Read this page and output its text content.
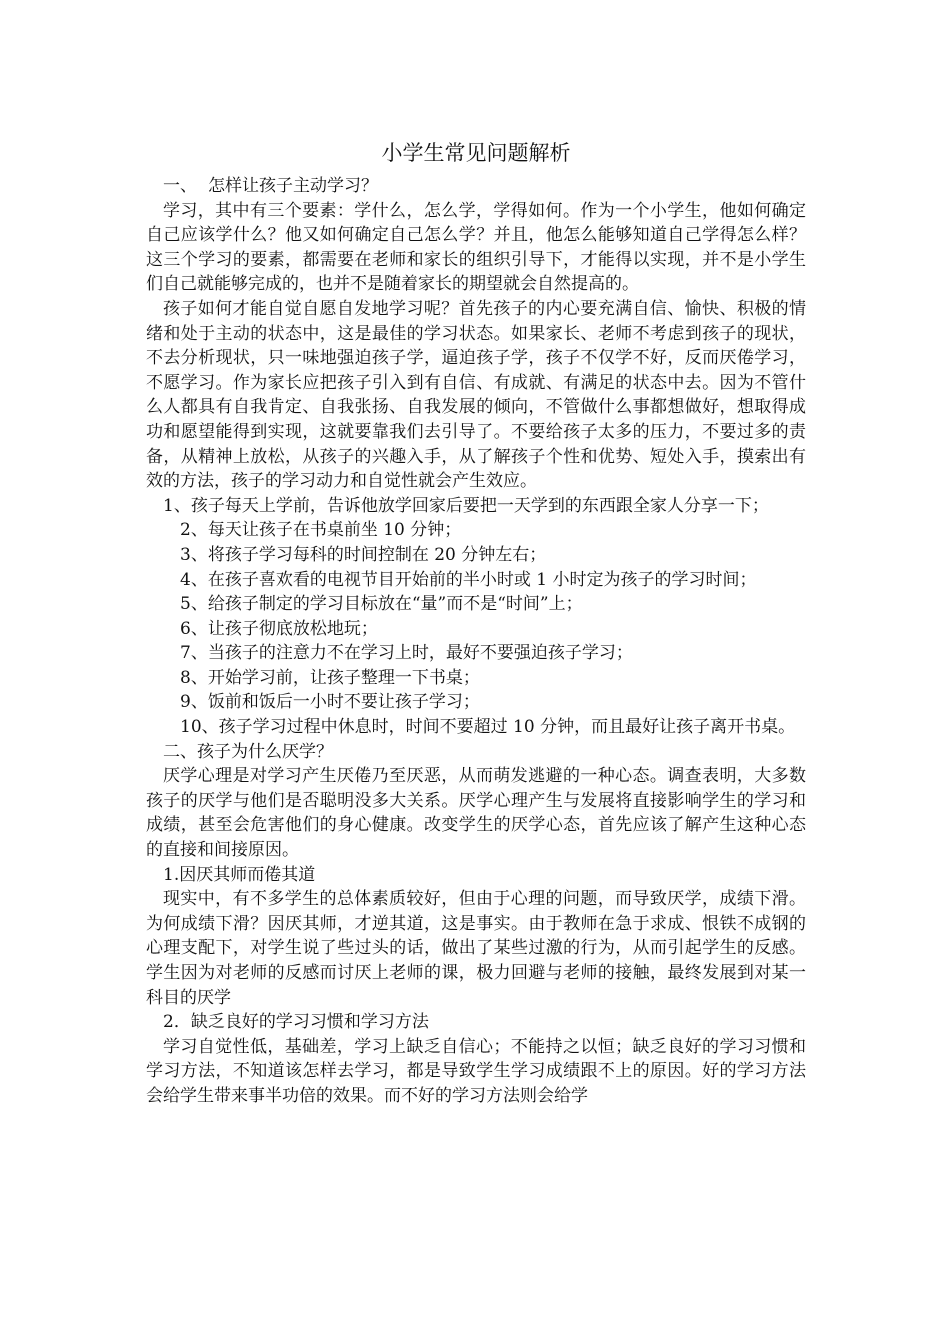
小学生常见问题解析

一、 怎样让孩子主动学习？

学习，其中有三个要素：学什么，怎么学，学得如何。作为一个小学生，他如何确定自己应该学什么？他又如何确定自己怎么学？并且，他怎么能够知道自己学得怎么样？这三个学习的要素，都需要在老师和家长的组织引导下，才能得以实现，并不是小学生们自己就能够完成的，也并不是随着家长的期望就会自然提高的。

孩子如何才能自觉自愿自发地学习呢？首先孩子的内心要充满自信、愉快、积极的情绪和处于主动的状态中，这是最佳的学习状态。如果家长、老师不考虑到孩子的现状，不去分析现状，只一味地强迫孩子学，逼迫孩子学，孩子不仅学不好，反而厌倦学习，不愿学习。作为家长应把孩子引入到有自信、有成就、有满足的状态中去。因为不管什么人都具有自我肯定、自我张扬、自我发展的倾向，不管做什么事都想做好，想取得成功和愿望能得到实现，这就要靠我们去引导了。不要给孩子太多的压力，不要过多的责备，从精神上放松，从孩子的兴趣入手，从了解孩子个性和优势、短处入手，摸索出有效的方法，孩子的学习动力和自觉性就会产生效应。

1、孩子每天上学前，告诉他放学回家后要把一天学到的东西跟全家人分享一下；

2、每天让孩子在书桌前坐 10 分钟；

3、将孩子学习每科的时间控制在 20 分钟左右；

4、在孩子喜欢看的电视节目开始前的半小时或 1 小时定为孩子的学习时间；

5、给孩子制定的学习目标放在“量”而不是“时间”上；

6、让孩子彻底放松地玩；

7、当孩子的注意力不在学习上时，最好不要强迫孩子学习；

8、开始学习前，让孩子整理一下书桌；

9、饭前和饭后一小时不要让孩子学习；

10、孩子学习过程中休息时，时间不要超过 10 分钟，而且最好让孩子离开书桌。

二、孩子为什么厌学？

厌学心理是对学习产生厌倦乃至厌恶，从而萌发逃避的一种心态。调查表明，大多数孩子的厌学与他们是否聪明没多大关系。厌学心理产生与发展将直接影响学生的学习和成绩，甚至会危害他们的身心健康。改变学生的厌学心态，首先应该了解产生这种心态的直接和间接原因。

1.因厌其师而倦其道

现实中，有不多学生的总体素质较好，但由于心理的问题，而导致厌学，成绩下滑。为何成绩下滑？因厌其师，才逆其道，这是事实。由于教师在急于求成、恨铁不成钢的心理支配下，对学生说了些过头的话，做出了某些过激的行为，从而引起学生的反感。学生因为对老师的反感而讨厌上老师的课，极力回避与老师的接触，最终发展到对某一科目的厌学

2．缺乏良好的学习习惯和学习方法

学习自觉性低，基础差，学习上缺乏自信心；不能持之以恒；缺乏良好的学习习惯和学习方法，不知道该怎样去学习，都是导致学生学习成绩跟不上的原因。好的学习方法会给学生带来事半功倍的效果。而不好的学习方法则会给学
